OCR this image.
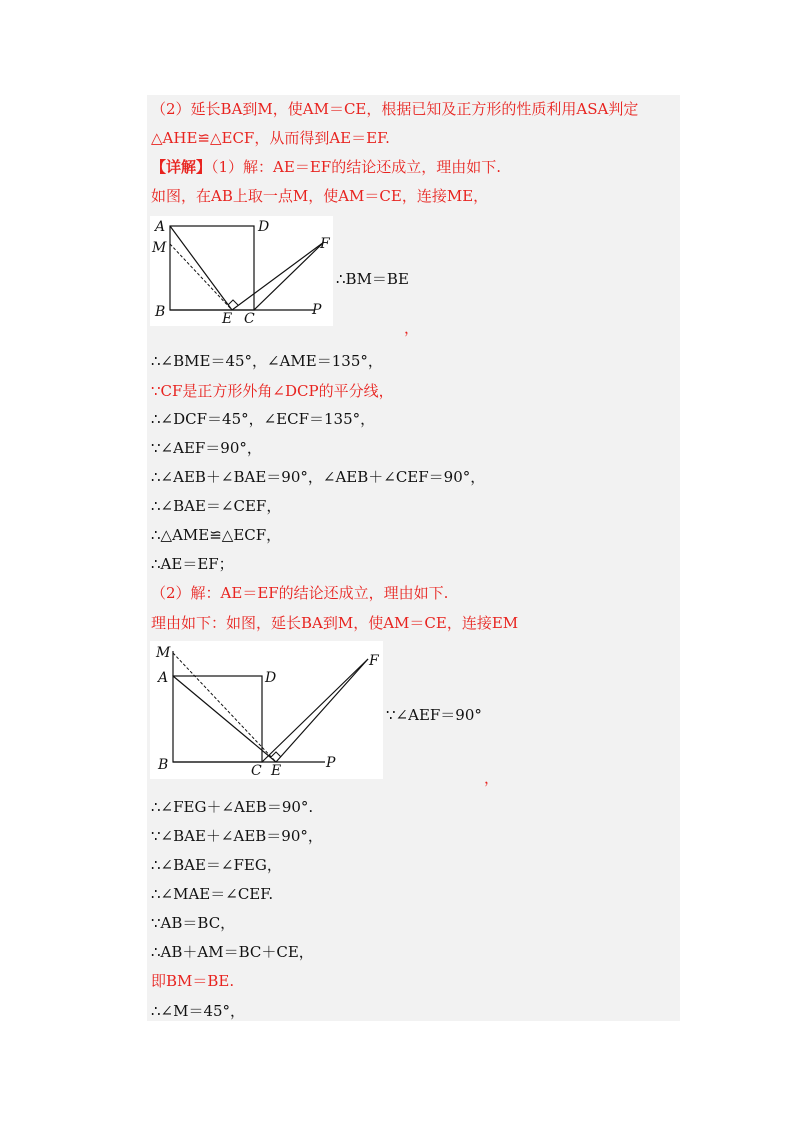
（2）延长BA到M，使AM＝CE，根据已知及正方形的性质利用ASA判定
△AHE≌△ECF，从而得到AE＝EF.
【详解】（1）解：AE＝EF的结论还成立，理由如下.
如图，在AB上取一点M，使AM＝CE，连接ME，
A	D
M	F
B	E C
P
∴BM＝BE
，
∴∠BME＝45°，∠AME＝135°，
∵CF是正方形外角∠DCP的平分线，
∴∠DCF＝45°，∠ECF＝135°，
∵∠AEF＝90°，
∴∠AEB＋∠BAE＝90°，∠AEB＋∠CEF＝90°，
∴∠BAE＝∠CEF，
∴△AME≌△ECF，
∴AE＝EF；
（2）解：AE＝EF的结论还成立，理由如下.
理由如下：如图，延长BA到M，使AM＝CE，连接EM
M
A	D
F
B	C E	P
∵∠AEF＝90°
，
∴∠FEG＋∠AEB＝90°.
∵∠BAE＋∠AEB＝90°，
∴∠BAE＝∠FEG，
∴∠MAE＝∠CEF.
∵AB＝BC，
∴AB＋AM＝BC＋CE，
即BM＝BE.
∴∠M＝45°，
